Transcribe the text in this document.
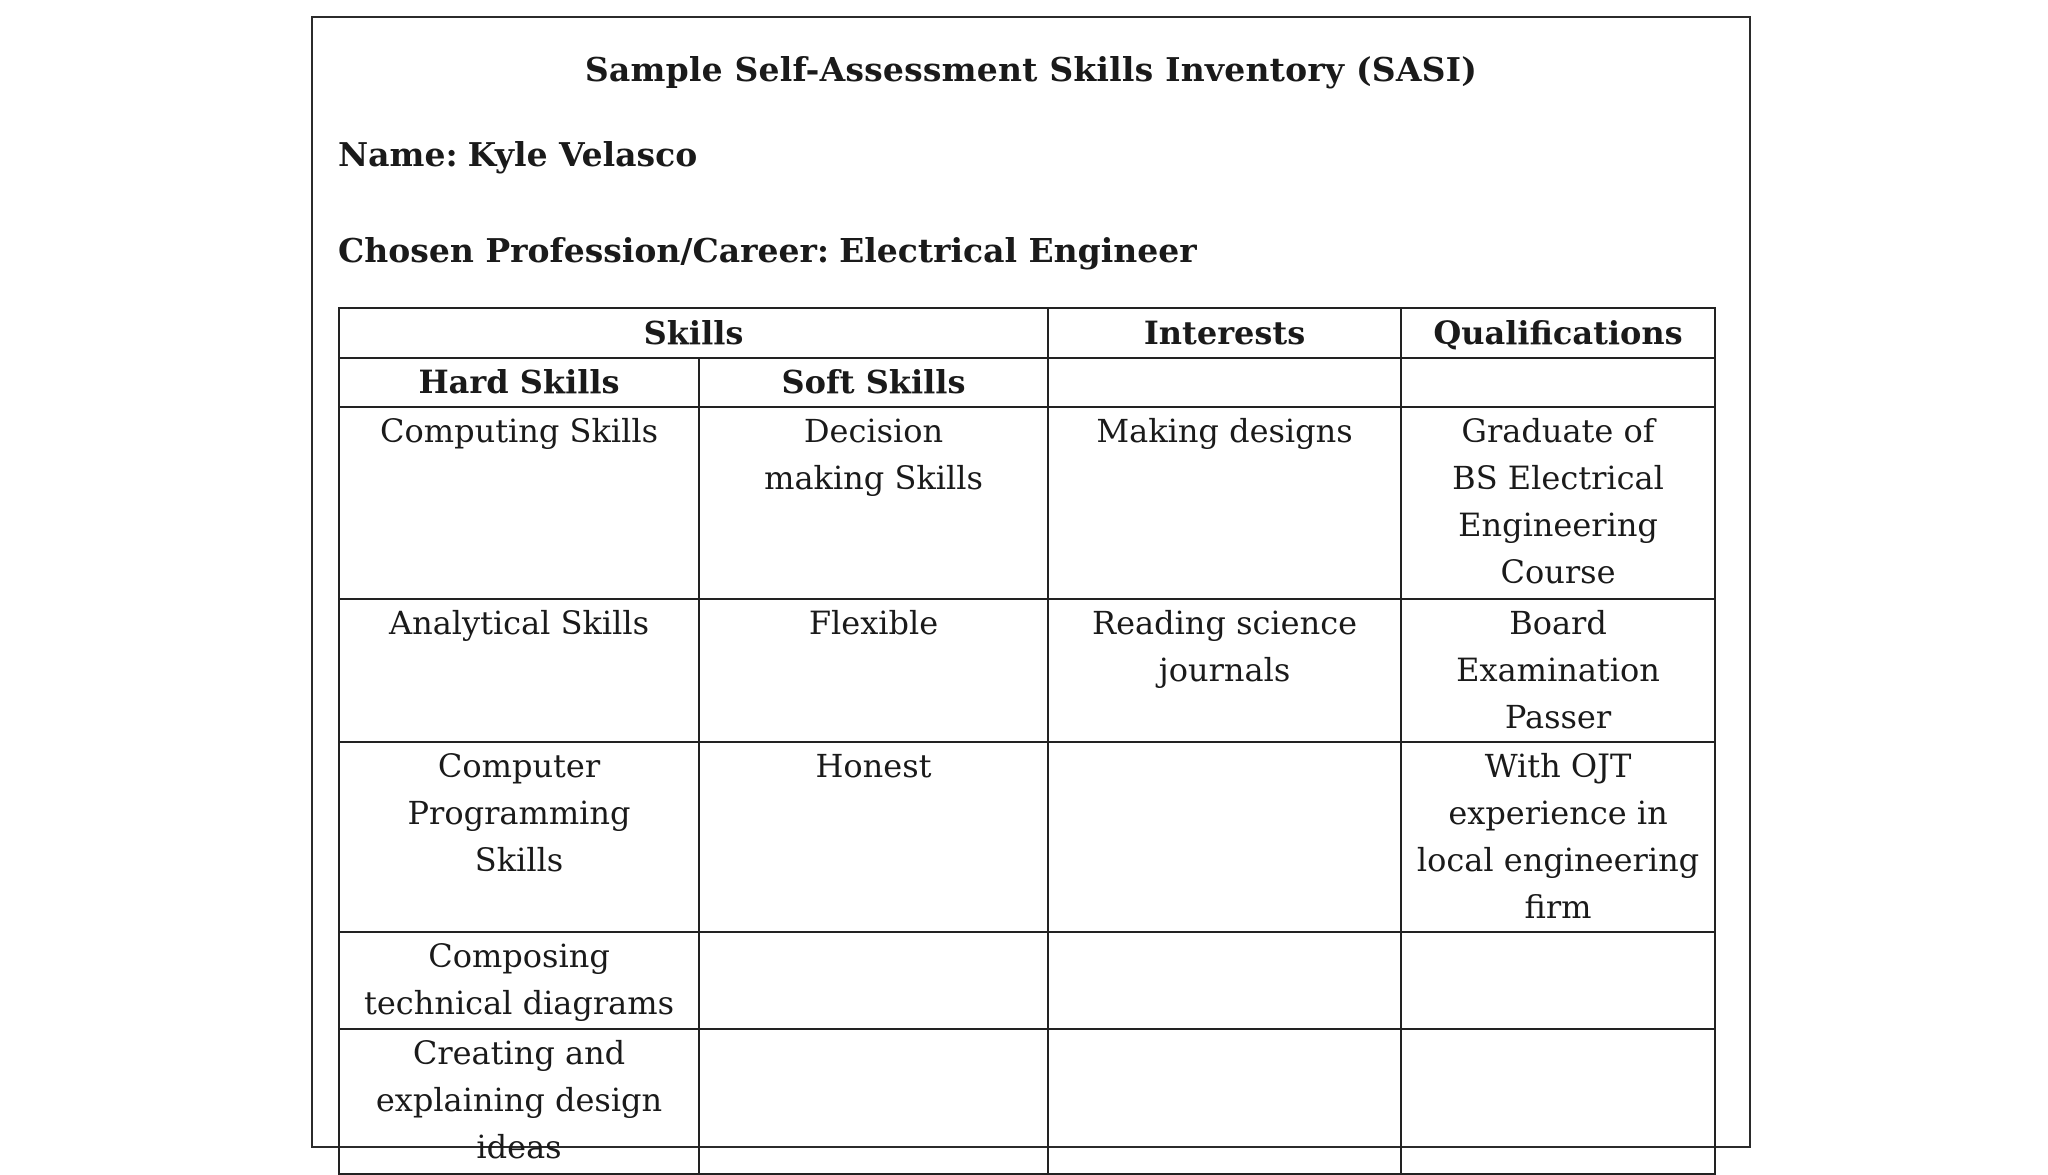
Sample Self-Assessment Skills Inventory (SASI)
Name: Kyle Velasco
Chosen Profession/Career: Electrical Engineer
Skills		Interests	Qualifications
Hard Skills	Soft Skills		

Computing Skills	Decision making Skills	Making designs	Graduate of BS Electrical Engineering Course

Analytical Skills	Flexible	Reading science journals	Board Examination Passer

Computer Programming Skills	Honest		With OJT experience in local engineering firm

Composing technical diagrams			

Creating and explaining design ideas			
